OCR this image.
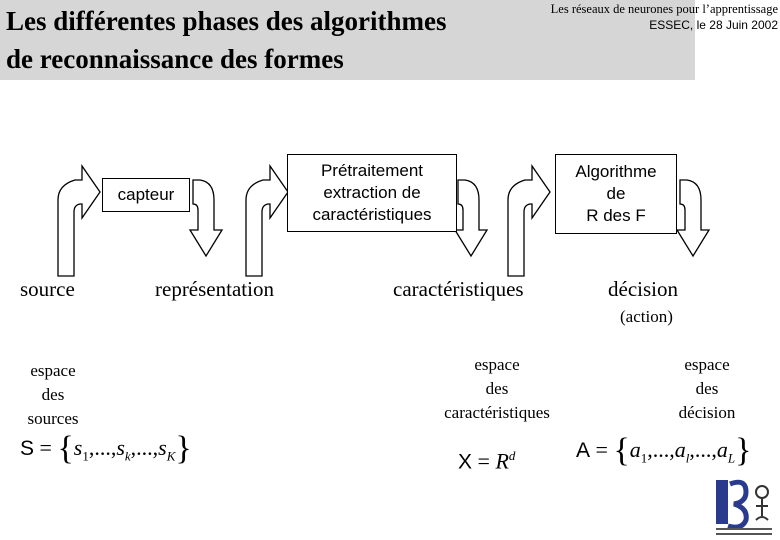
Les différentes phases des algorithmes
de reconnaissance des formes
Les réseaux de neurones pour l’apprentissage
ESSEC, le 28 Juin 2002
capteur
Prétraitement
extraction de
caractéristiques
Algorithme
de
R des F
source	représentation	caractéristiques	décision
(action)
espace
des
sources
espace
des
caractéristiques
espace
des
décision
$S = \{s_1,...,s_k,...,s_K\}$	$X = R^d$	$A = \{a_1,...,a_l,...,a_L\}$
